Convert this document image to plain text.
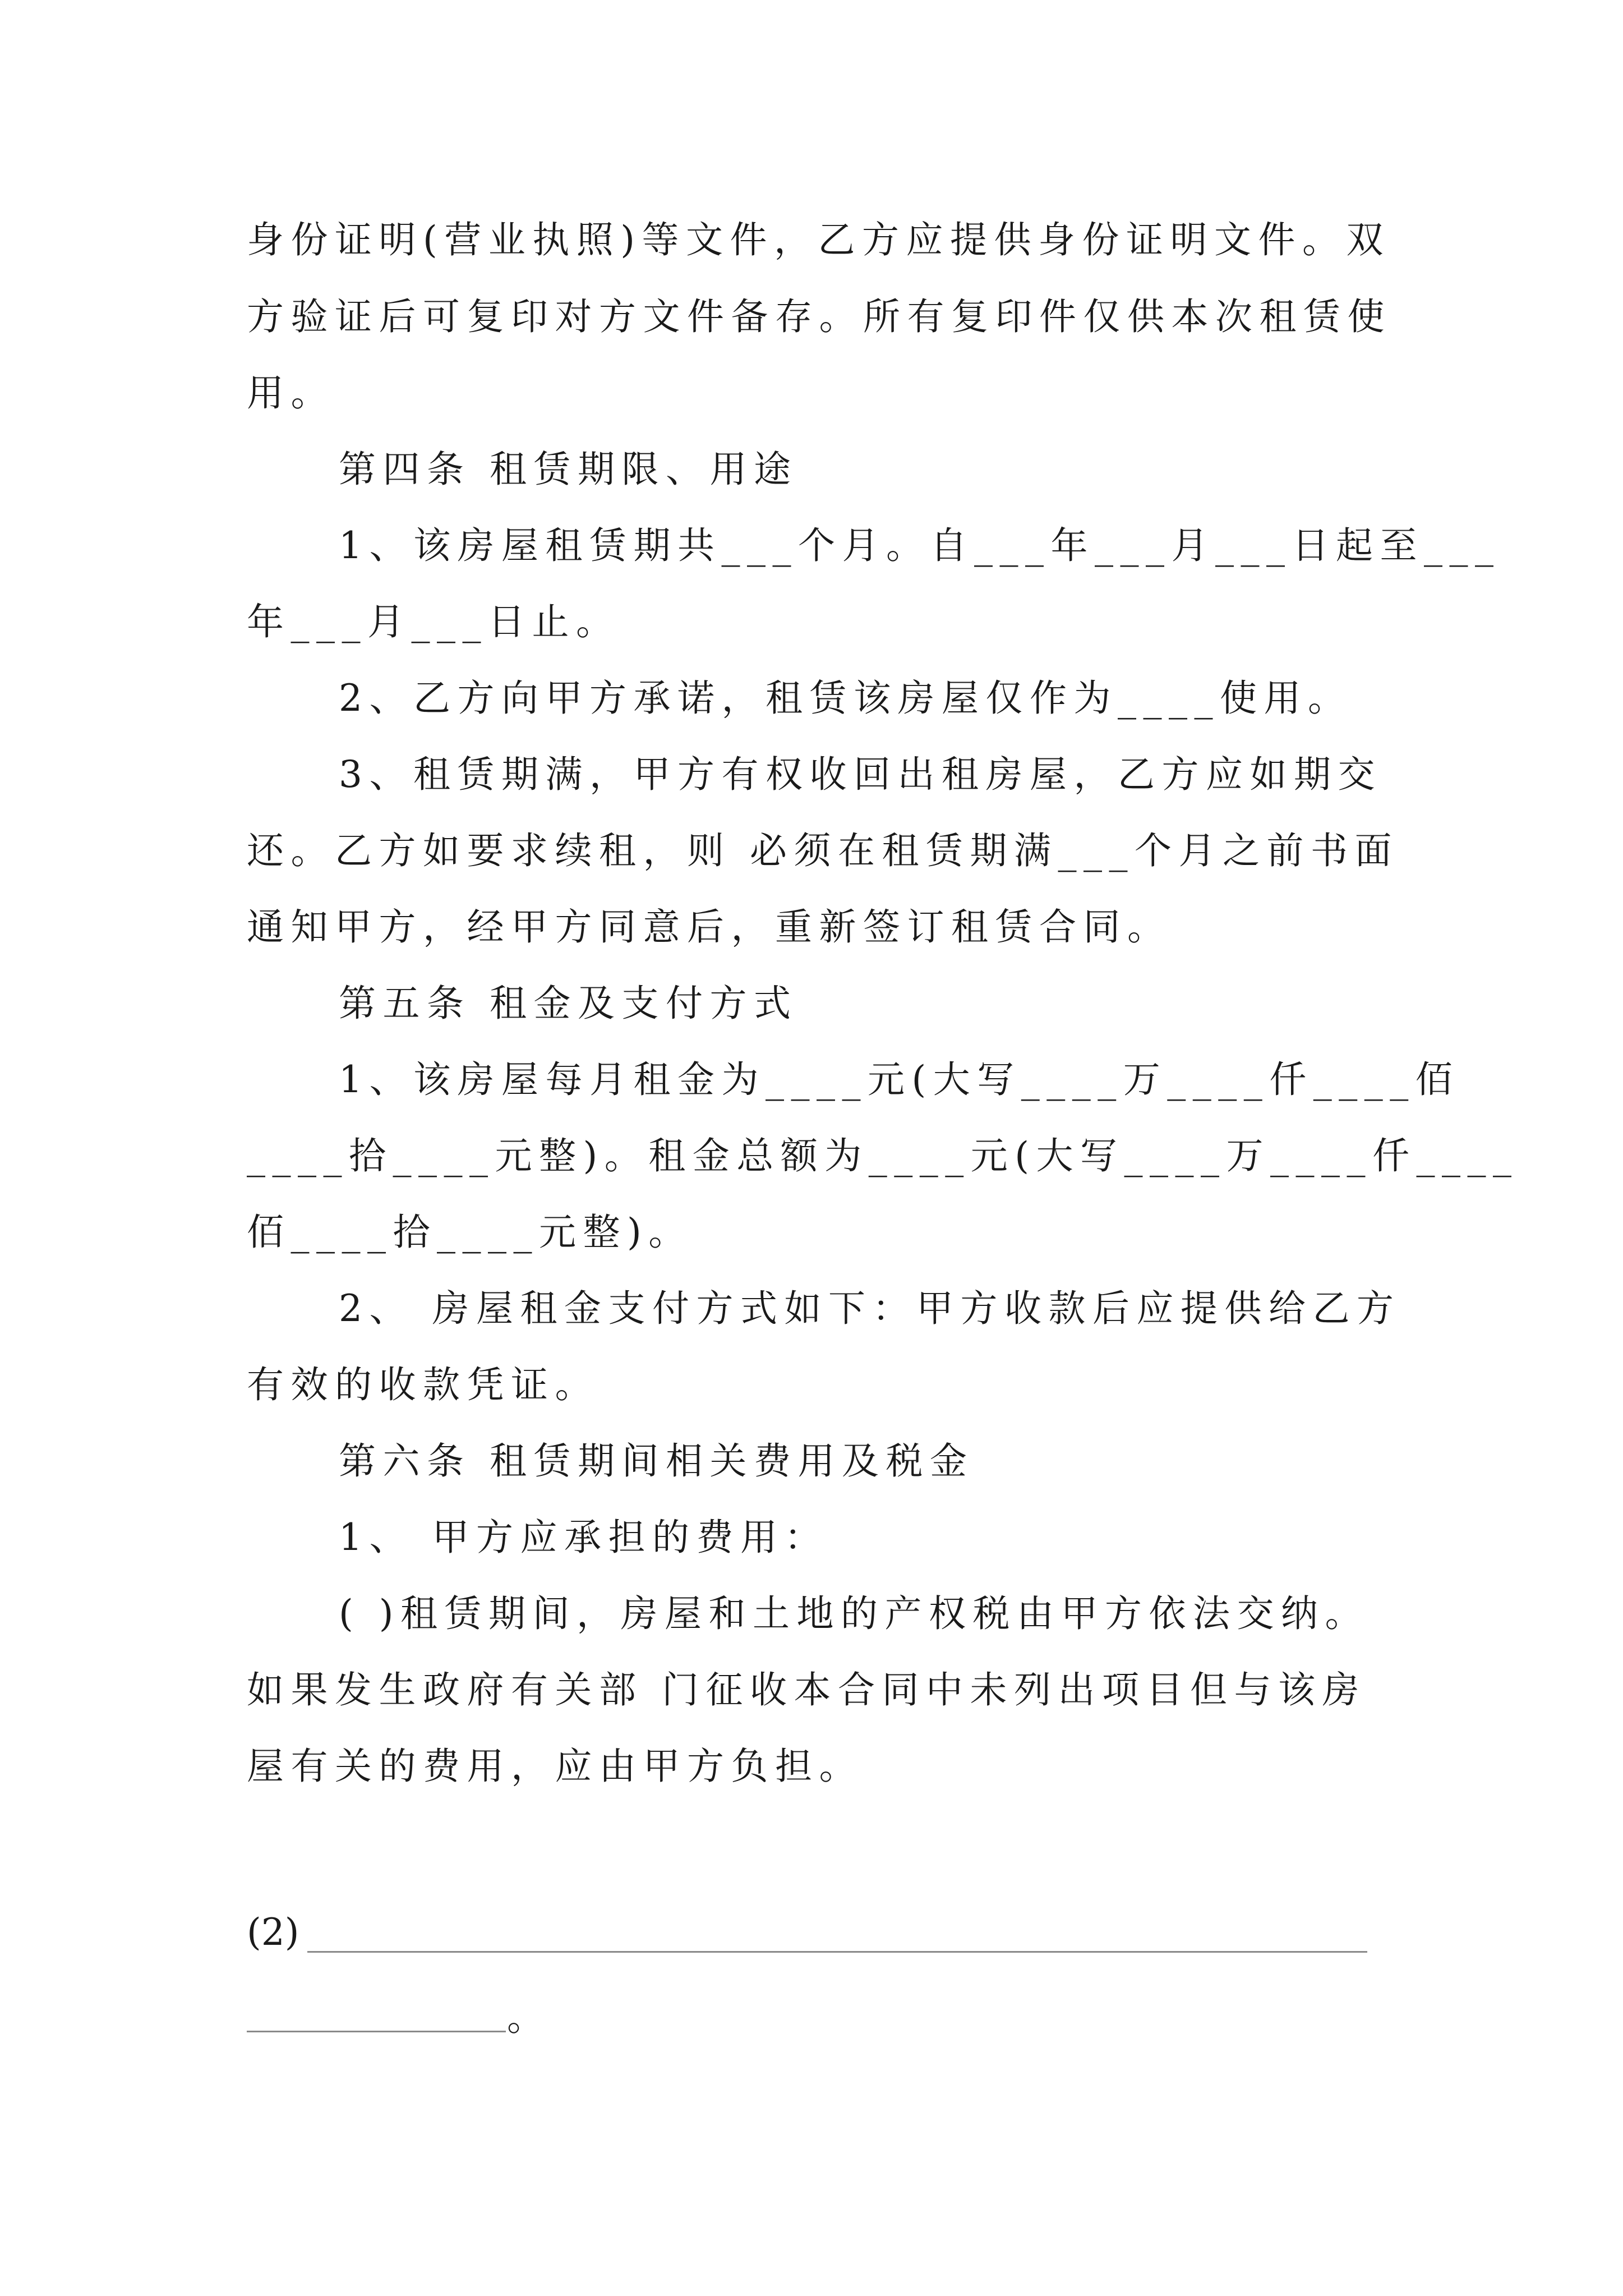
身份证明(营业执照)等文件，乙方应提供身份证明文件。双
方验证后可复印对方文件备存。所有复印件仅供本次租赁使
用。
第四条 租赁期限、用途
1、该房屋租赁期共___个月。自___年___月___日起至___
年___月___日止。
2、乙方向甲方承诺，租赁该房屋仅作为____使用。
3、租赁期满，甲方有权收回出租房屋，乙方应如期交
还。乙方如要求续租，则 必须在租赁期满___个月之前书面
通知甲方，经甲方同意后，重新签订租赁合同。
第五条 租金及支付方式
1、该房屋每月租金为____元(大写____万____仟____佰
____拾____元整)。租金总额为____元(大写____万____仟____
佰____拾____元整)。
2、 房屋租金支付方式如下：甲方收款后应提供给乙方
有效的收款凭证。
第六条 租赁期间相关费用及税金
1、 甲方应承担的费用：
( )租赁期间，房屋和土地的产权税由甲方依法交纳。
如果发生政府有关部 门征收本合同中未列出项目但与该房
屋有关的费用，应由甲方负担。
(2)
。
